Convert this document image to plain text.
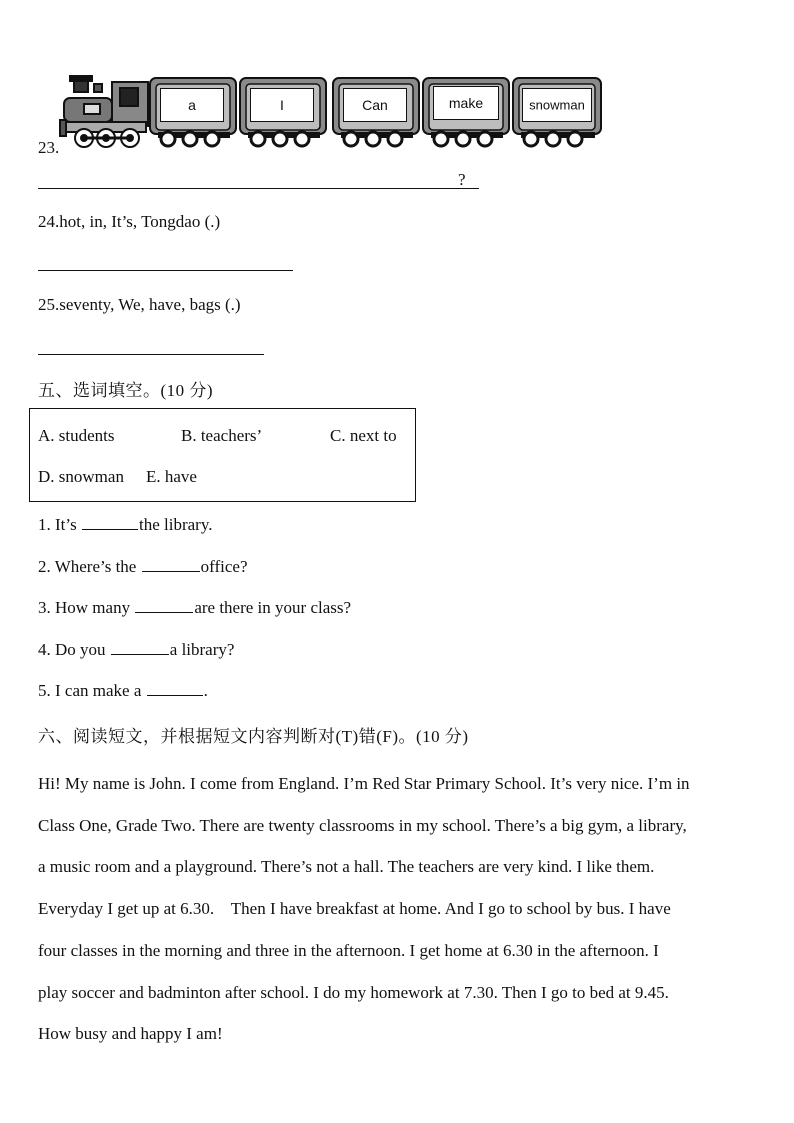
23.
a	I	Can	make	snowman
?
24.hot, in, It’s, Tongdao (.)
25.seventy, We, have, bags (.)
五、选词填空。(10 分)
A. students	B. teachers’	C. next to
D. snowman E. have
1. It’s	the library.
2. Where’s the	office?
3. How many	are there in your class?
4. Do you	a library?
5. I can make a	.
六、阅读短文，并根据短文内容判断对(T)错(F)。(10 分)

Hi! My name is John. I come from England. I’m Red Star Primary School. It’s very nice. I’m in

Class One, Grade Two. There are twenty classrooms in my school. There’s a big gym, a library,

a music room and a playground. There’s not a hall. The teachers are very kind. I like them.

Everyday I get up at 6.30.    Then I have breakfast at home. And I go to school by bus. I have

four classes in the morning and three in the afternoon. I get home at 6.30 in the afternoon. I

play soccer and badminton after school. I do my homework at 7.30. Then I go to bed at 9.45.

How busy and happy I am!
